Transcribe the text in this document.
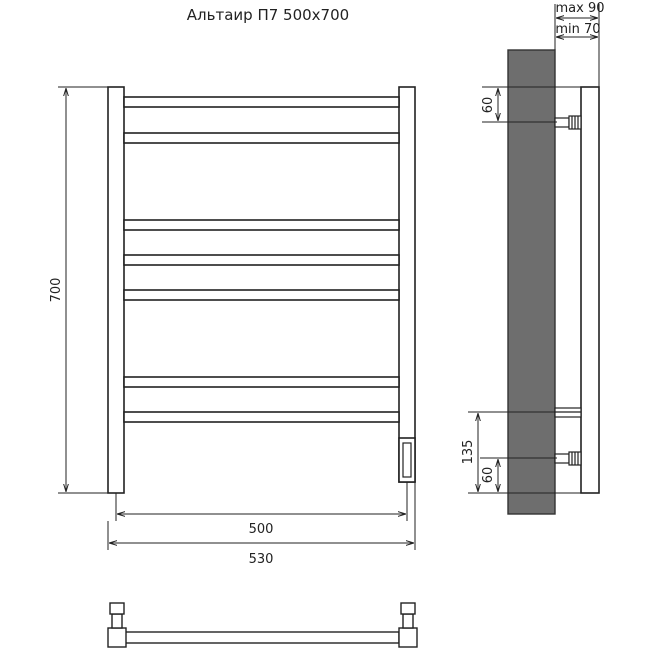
Альтаир П7 500х700
700
500
530
60
135
60
max 90
min 70
